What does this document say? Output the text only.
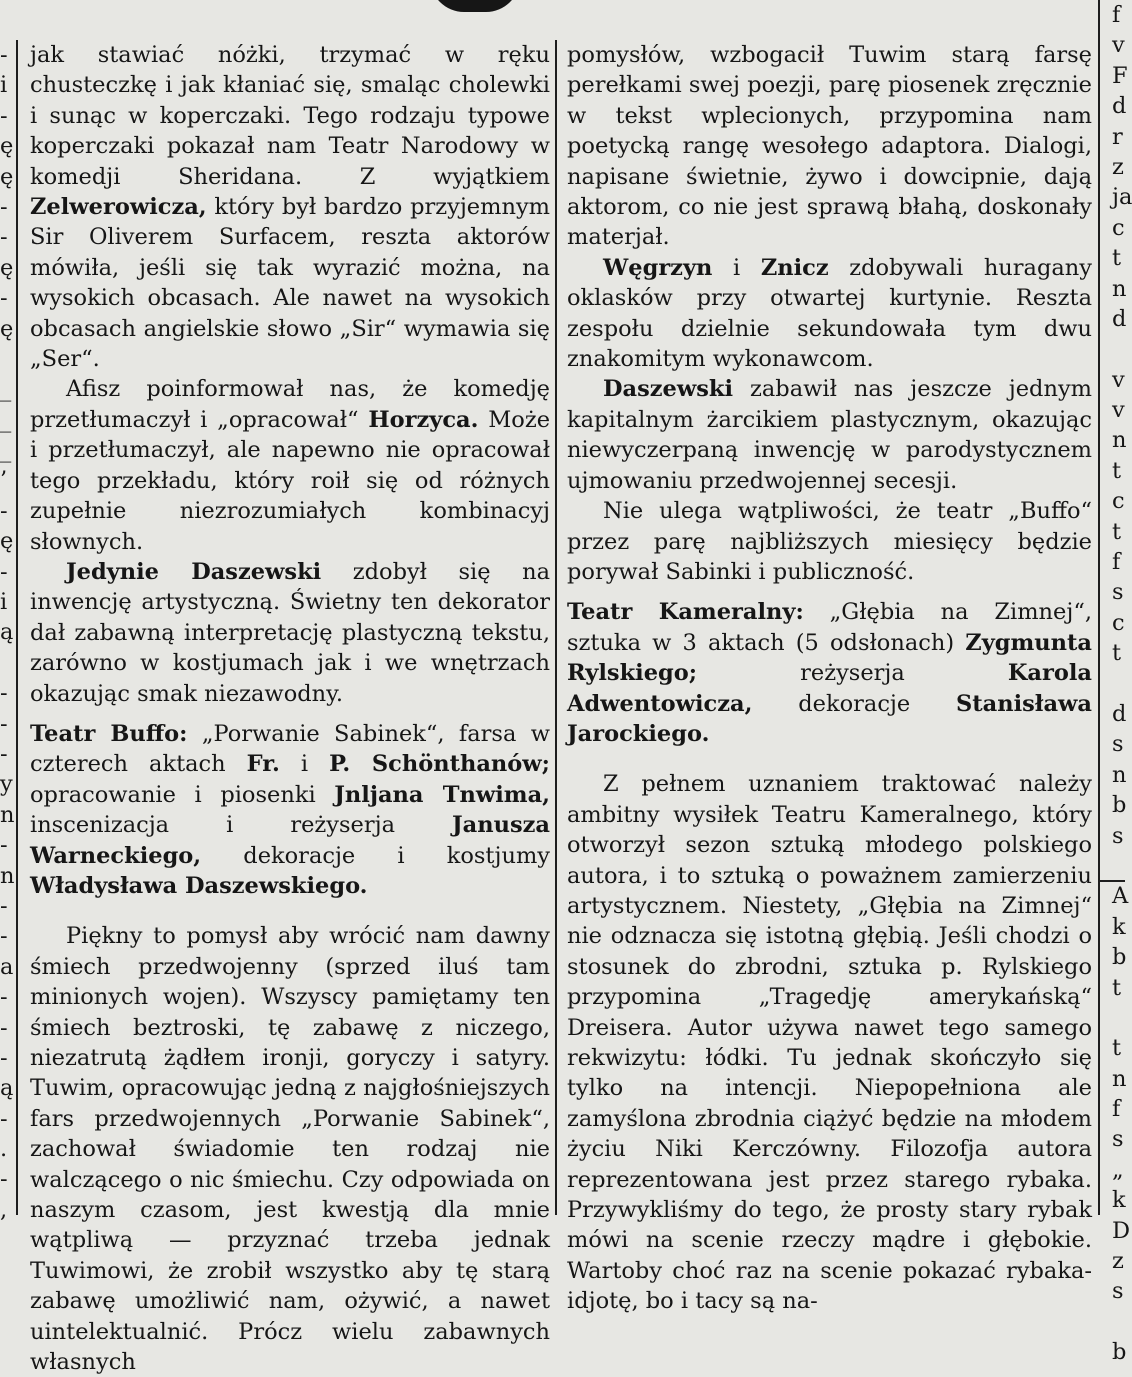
-
i
-
ę
ę
-
-
ę
-
ę
_
_
_
’
-
ę
-
i
ą
-
-
-
y
n
-
n
-
-
a
-
-
-
ą
-
.
-
,

jak stawiać nóżki, trzymać w ręku chusteczkę i jak kłaniać się, smaląc cholewki i sunąc w koperczaki. Tego rodzaju typowe koperczaki pokazał nam Teatr Narodowy w komedji Sheridana. Z wyjątkiem Zelwerowicza, który był bardzo przyjemnym Sir Oliverem Surfacem, reszta aktorów mówiła, jeśli się tak wyrazić można, na wysokich obcasach. Ale nawet na wysokich obcasach angielskie słowo „Sir“ wymawia się „Ser“.

Afisz poinformował nas, że komedję przetłumaczył i „opracował“ Horzyca. Może i przetłumaczył, ale napewno nie opracował tego przekładu, który roił się od różnych zupełnie niezrozumiałych kombinacyj słownych.

Jedynie Daszewski zdobył się na inwencję artystyczną. Świetny ten dekorator dał zabawną interpretację plastyczną tekstu, zarówno w kostjumach jak i we wnętrzach okazując smak niezawodny.

Teatr Buffo: „Porwanie Sabinek“, farsa w czterech aktach Fr. i P. Schönthanów; opracowanie i piosenki Jnljana Tnwima, inscenizacja i reżyserja Janusza Warneckiego, dekoracje i kostjumy Władysława Daszewskiego.

Piękny to pomysł aby wrócić nam dawny śmiech przedwojenny (sprzed iluś tam minionych wojen). Wszyscy pamiętamy ten śmiech beztroski, tę zabawę z niczego, niezatrutą żądłem ironji, goryczy i satyry. Tuwim, opracowując jedną z najgłośniejszych fars przedwojennych „Porwanie Sabinek“, zachował świadomie ten rodzaj nie walczącego o nic śmiechu. Czy odpowiada on naszym czasom, jest kwestją dla mnie wątpliwą — przyznać trzeba jednak Tuwimowi, że zrobił wszystko aby tę starą zabawę umożliwić nam, ożywić, a nawet uintelektualnić. Prócz wielu zabawnych własnych

pomysłów, wzbogacił Tuwim starą farsę perełkami swej poezji, parę piosenek zręcznie w tekst wplecionych, przypomina nam poetycką rangę wesołego adaptora. Dialogi, napisane świetnie, żywo i dowcipnie, dają aktorom, co nie jest sprawą błahą, doskonały materjał.

Węgrzyn i Znicz zdobywali huragany oklasków przy otwartej kurtynie. Reszta zespołu dzielnie sekundowała tym dwu znakomitym wykonawcom.

Daszewski zabawił nas jeszcze jednym kapitalnym żarcikiem plastycznym, okazując niewyczerpaną inwencję w parodystycznem ujmowaniu przedwojennej secesji.

Nie ulega wątpliwości, że teatr „Buffo“ przez parę najbliższych miesięcy będzie porywał Sabinki i publiczność.

Teatr Kameralny: „Głębia na Zimnej“, sztuka w 3 aktach (5 odsłonach) Zygmunta Rylskiego; reżyserja Karola Adwentowicza, dekoracje Stanisława Jarockiego.

Z pełnem uznaniem traktować należy ambitny wysiłek Teatru Kameralnego, który otworzył sezon sztuką młodego polskiego autora, i to sztuką o poważnem zamierzeniu artystycznem. Niestety, „Głębia na Zimnej“ nie odznacza się istotną głębią. Jeśli chodzi o stosunek do zbrodni, sztuka p. Rylskiego przypomina „Tragedję amerykańską“ Dreisera. Autor używa nawet tego samego rekwizytu: łódki. Tu jednak skończyło się tylko na intencji. Niepopełniona ale zamyślona zbrodnia ciążyć będzie na młodem życiu Niki Kerczówny. Filozofja autora reprezentowana jest przez starego rybaka. Przywykliśmy do tego, że prosty stary rybak mówi na scenie rzeczy mądre i głębokie. Wartoby choć raz na scenie pokazać rybaka-idjotę, bo i tacy są na-

f
v
F
d
r
z
ja
c
t
n
d
v
v
n
t
c
t
f
s
c
t
d
s
n
b
s
A
k
b
t
t
n
f
s
„
k
D
z
s
b
